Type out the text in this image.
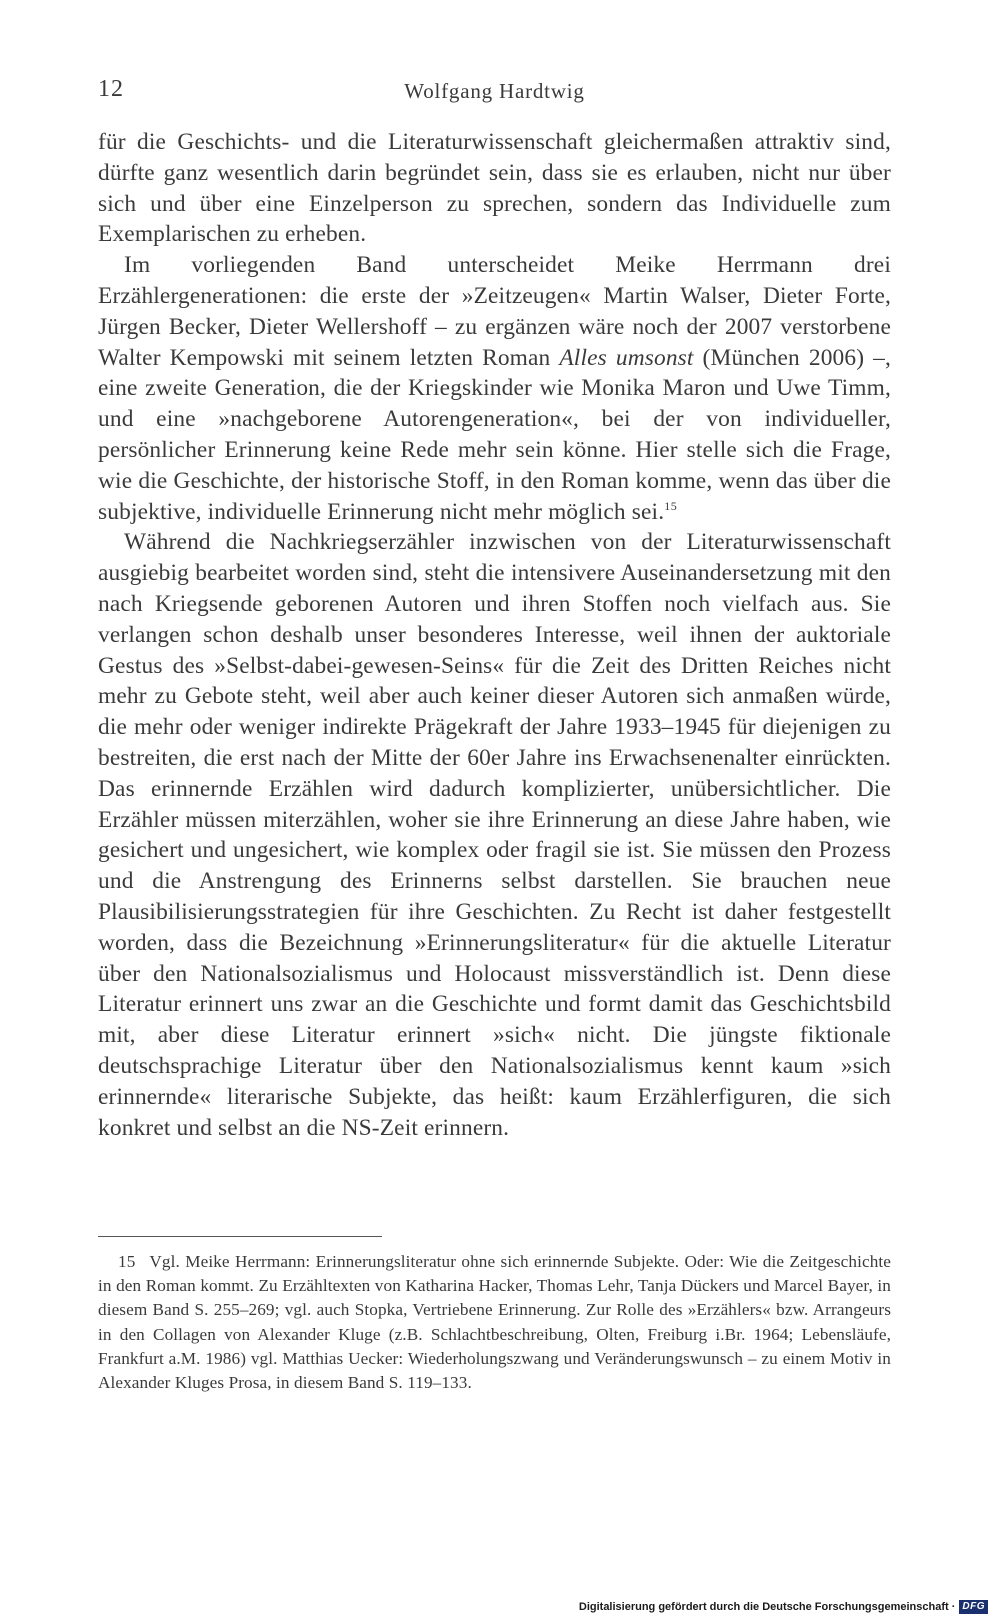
12	Wolfgang Hardtwig

für die Geschichts- und die Literaturwissenschaft gleichermaßen attraktiv sind, dürfte ganz wesentlich darin begründet sein, dass sie es erlauben, nicht nur über sich und über eine Einzelperson zu sprechen, sondern das Individuelle zum Exemplarischen zu erheben.

Im vorliegenden Band unterscheidet Meike Herrmann drei Erzählergenerationen: die erste der »Zeitzeugen« Martin Walser, Dieter Forte, Jürgen Becker, Dieter Wellershoff – zu ergänzen wäre noch der 2007 verstorbene Walter Kempowski mit seinem letzten Roman Alles umsonst (München 2006) –, eine zweite Generation, die der Kriegskinder wie Monika Maron und Uwe Timm, und eine »nachgeborene Autorengeneration«, bei der von individueller, persönlicher Erinnerung keine Rede mehr sein könne. Hier stelle sich die Frage, wie die Geschichte, der historische Stoff, in den Roman komme, wenn das über die subjektive, individuelle Erinnerung nicht mehr möglich sei.$^{15}$

Während die Nachkriegserzähler inzwischen von der Literaturwissenschaft ausgiebig bearbeitet worden sind, steht die intensivere Auseinandersetzung mit den nach Kriegsende geborenen Autoren und ihren Stoffen noch vielfach aus. Sie verlangen schon deshalb unser besonderes Interesse, weil ihnen der auktoriale Gestus des »Selbst-dabei-gewesen-Seins« für die Zeit des Dritten Reiches nicht mehr zu Gebote steht, weil aber auch keiner dieser Autoren sich anmaßen würde, die mehr oder weniger indirekte Prägekraft der Jahre 1933–1945 für diejenigen zu bestreiten, die erst nach der Mitte der 60er Jahre ins Erwachsenenalter einrückten. Das erinnernde Erzählen wird dadurch komplizierter, unübersichtlicher. Die Erzähler müssen miterzählen, woher sie ihre Erinnerung an diese Jahre haben, wie gesichert und ungesichert, wie komplex oder fragil sie ist. Sie müssen den Prozess und die Anstrengung des Erinnerns selbst darstellen. Sie brauchen neue Plausibilisierungsstrategien für ihre Geschichten. Zu Recht ist daher festgestellt worden, dass die Bezeichnung »Erinnerungsliteratur« für die aktuelle Literatur über den Nationalsozialismus und Holocaust missverständlich ist. Denn diese Literatur erinnert uns zwar an die Geschichte und formt damit das Geschichtsbild mit, aber diese Literatur erinnert »sich« nicht. Die jüngste fiktionale deutschsprachige Literatur über den Nationalsozialismus kennt kaum »sich erinnernde« literarische Subjekte, das heißt: kaum Erzählerfiguren, die sich konkret und selbst an die NS-Zeit erinnern.

15 Vgl. Meike Herrmann: Erinnerungsliteratur ohne sich erinnernde Subjekte. Oder: Wie die Zeitgeschichte in den Roman kommt. Zu Erzähltexten von Katharina Hacker, Thomas Lehr, Tanja Dückers und Marcel Bayer, in diesem Band S. 255–269; vgl. auch Stopka, Vertriebene Erinnerung. Zur Rolle des »Erzählers« bzw. Arrangeurs in den Collagen von Alexander Kluge (z.B. Schlachtbeschreibung, Olten, Freiburg i.Br. 1964; Lebensläufe, Frankfurt a.M. 1986) vgl. Matthias Uecker: Wiederholungszwang und Veränderungswunsch – zu einem Motiv in Alexander Kluges Prosa, in diesem Band S. 119–133.

Digitalisierung gefördert durch die Deutsche Forschungsgemeinschaft · DFG
